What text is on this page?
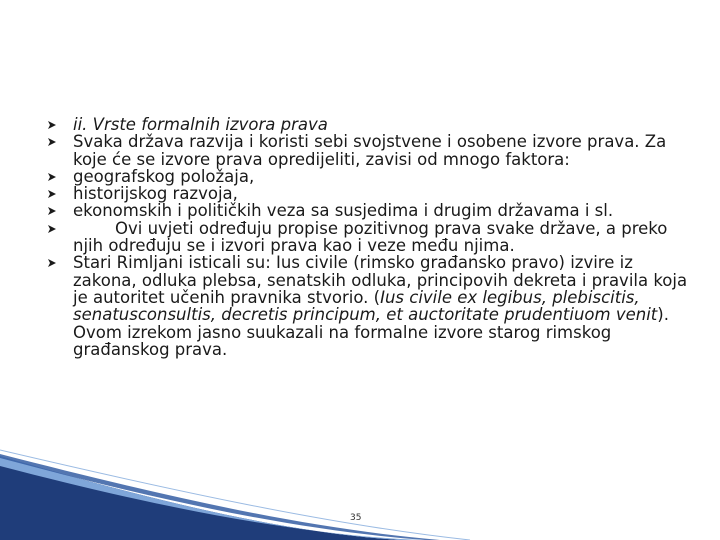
ii. Vrste formalnih izvora prava
Svaka država razvija i koristi sebi svojstvene i osobene izvore prava. Za koje će se izvore prava opredijeliti, zavisi od mnogo faktora:
geografskog položaja,
historijskog razvoja,
ekonomskih i političkih veza sa susjedima i drugim državama i sl.
Ovi uvjeti određuju propise pozitivnog prava svake države, a preko njih određuju se i izvori prava kao i veze među njima.
Stari Rimljani isticali su: Ius civile (rimsko građansko pravo) izvire iz zakona, odluka plebsa, senatskih odluka, principovih dekreta i pravila koja je autoritet učenih pravnika stvorio. (Ius civile ex legibus, plebiscitis, senatusconsultis, decretis principum, et auctoritate prudentiuom venit). Ovom izrekom jasno suukazali na formalne izvore starog rimskog građanskog prava.
35
